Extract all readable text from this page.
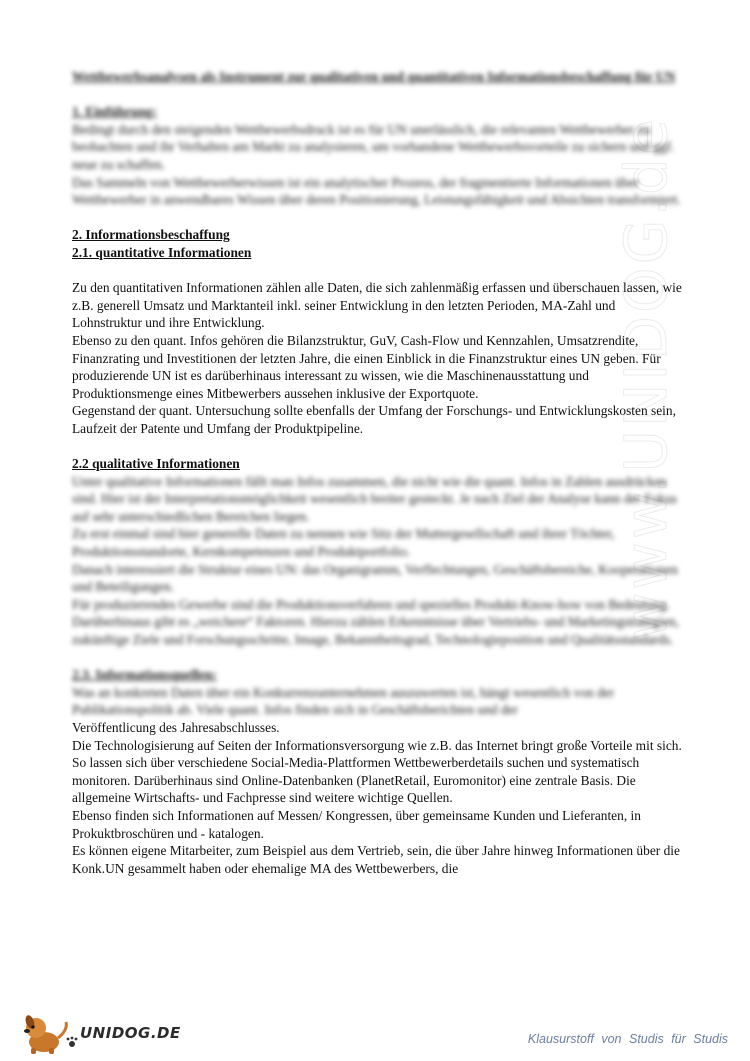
www.UNIDOG.de

Wettbewerbsanalysen als Instrument zur qualitativen und quantitativen Informationsbeschaffung für UN

1. Einführung:

Bedingt durch den steigenden Wettbewerbsdruck ist es für UN unerlässlich, die relevanten Wettbewerber zu beobachten und ihr Verhalten am Markt zu analysieren, um vorhandene Wettbewerbsvorteile zu sichern und ggf. neue zu schaffen.

Das Sammeln von Wettbewerberwissen ist ein analytischer Prozess, der fragmentierte Informationen über Wettbewerber in anwendbares Wissen über deren Positionierung, Leistungsfähigkeit und Absichten transformiert.

2. Informationsbeschaffung

2.1. quantitative Informationen

Zu den quantitativen Informationen zählen alle Daten, die sich zahlenmäßig erfassen und überschauen lassen, wie z.B. generell Umsatz und Marktanteil inkl. seiner Entwicklung in den letzten Perioden, MA-Zahl und Lohnstruktur und ihre Entwicklung.

Ebenso zu den quant. Infos gehören die Bilanzstruktur, GuV, Cash-Flow und Kennzahlen, Umsatzrendite, Finanzrating und Investitionen der letzten Jahre, die einen Einblick in die Finanzstruktur eines UN geben. Für produzierende UN ist es darüberhinaus interessant zu wissen, wie die Maschinenausstattung und Produktionsmenge eines Mitbewerbers aussehen inklusive der Exportquote.

Gegenstand der quant. Untersuchung sollte ebenfalls der Umfang der Forschungs- und Entwicklungskosten sein, Laufzeit der Patente und Umfang der Produktpipeline.

2.2 qualitative Informationen

Unter qualitative Informationen fällt man Infos zusammen, die nicht wie die quant. Infos in Zahlen ausdrücken sind. Hier ist der Interpretationsmöglichkeit wesentlich breiter gesteckt. Je nach Ziel der Analyse kann der Fokus auf sehr unterschiedlichen Bereichen liegen.

Zu erst einmal sind hier generelle Daten zu nennen wie Sitz der Muttergesellschaft und ihrer Töchter, Produktionsstandorte, Kernkompetenzen und Produktportfolio.

Danach interessiert die Struktur eines UN: das Organigramm, Verflechtungen, Geschäftsbereiche, Kooperationen und Beteiligungen.

Für produzierendes Gewerbe sind die Produktionsverfahren und spezielles Produkt-Know-how von Bedeutung.

Darüberhinaus gibt es „weichere“ Faktoren. Hierzu zählen Erkenntnisse über Vertriebs- und Marketingstrategien, zukünftige Ziele und Forschungsschritte, Image, Bekanntheitsgrad, Technologieposition und Qualitätsstandards.

2.3. Informationsquellen:

Was an konkreten Daten über ein Konkurrenzunternehmen auszuwerten ist, hängt wesentlich von der Publikationspolitik ab. Viele quant. Infos finden sich in Geschäftsberichten und der

Veröffentlicung des Jahresabschlusses.

Die Technologisierung auf Seiten der Informationsversorgung wie z.B. das Internet bringt große Vorteile mit sich. So lassen sich über verschiedene Social-Media-Plattformen Wettbewerberdetails suchen und systematisch monitoren. Darüberhinaus sind Online-Datenbanken (PlanetRetail, Euromonitor) eine zentrale Basis. Die allgemeine Wirtschafts- und Fachpresse sind weitere wichtige Quellen.

Ebenso finden sich Informationen auf Messen/ Kongressen, über gemeinsame Kunden und Lieferanten, in Prokuktbroschüren und - katalogen.

Es können eigene Mitarbeiter, zum Beispiel aus dem Vertrieb, sein, die über Jahre hinweg Informationen über die Konk.UN gesammelt haben oder ehemalige MA des Wettbewerbers, die

UNIDOG.DE	Klausurstoff von Studis für Studis
